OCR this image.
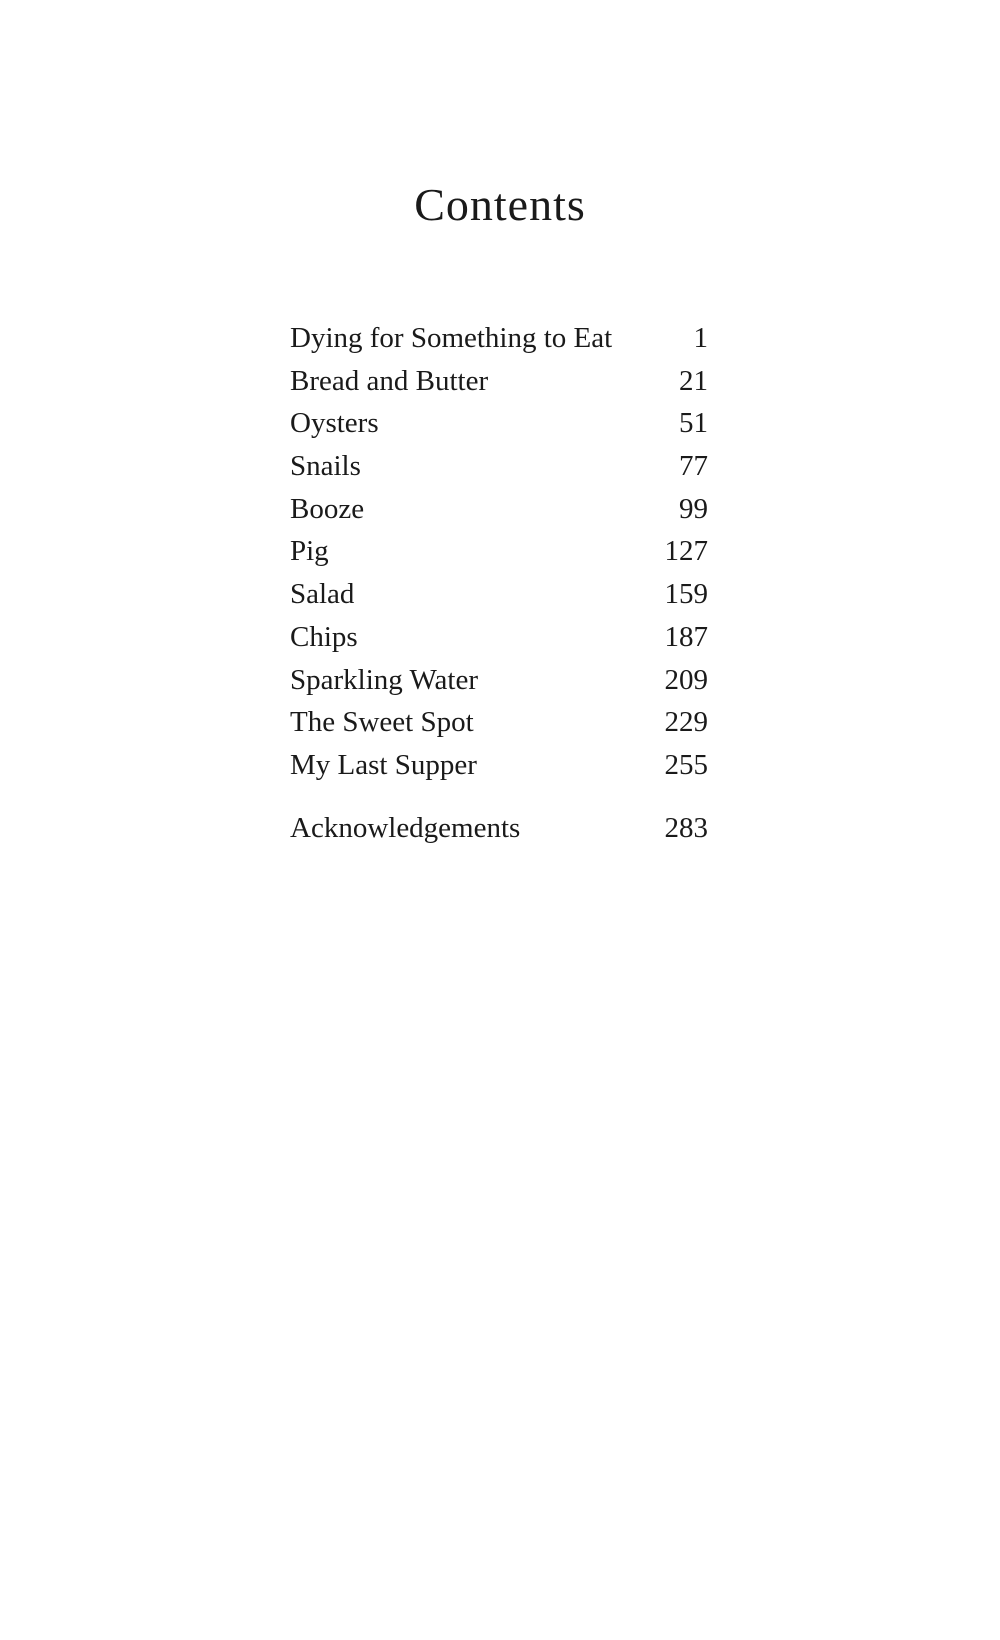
Contents
Dying for Something to Eat	1
Bread and Butter	21
Oysters	51
Snails	77
Booze	99
Pig	127
Salad	159
Chips	187
Sparkling Water	209
The Sweet Spot	229
My Last Supper	255
Acknowledgements	283
